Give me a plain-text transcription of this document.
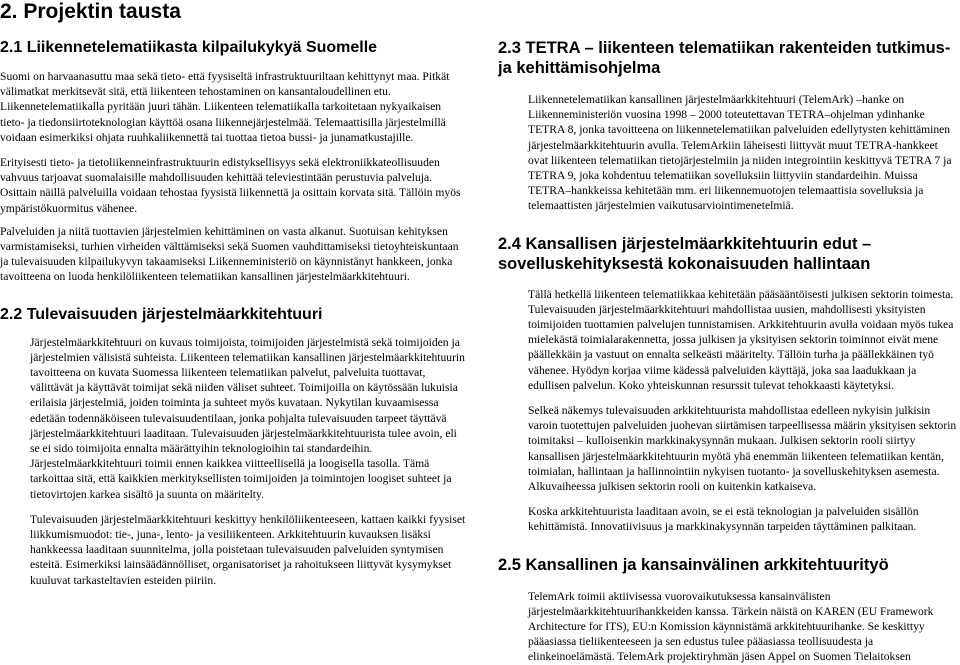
2. Projektin tausta
2.1 Liikennetelematiikasta kilpailukykyä Suomelle

Suomi on harvaanasuttu maa sekä tieto- että fyysiseltä infrastruktuuriltaan kehittynyt maa. Pitkät välimatkat merkitsevät sitä, että liikenteen tehostaminen on kansantaloudellinen etu. Liikennetelematiikalla pyritään juuri tähän. Liikenteen telematiikalla tarkoitetaan nykyaikaisen tieto- ja tiedonsiirtoteknologian käyttöä osana liikennejärjestelmää. Telemaattisilla järjestelmillä voidaan esimerkiksi ohjata ruuhkaliikennettä tai tuottaa tietoa bussi- ja junamatkustajille.

Erityisesti tieto- ja tietoliikenneinfrastruktuurin edistyksellisyys sekä elektroniikkateollisuuden vahvuus tarjoavat suomalaisille mahdollisuuden kehittää televiestintään perustuvia palveluja. Osittain näillä palveluilla voidaan tehostaa fyysistä liikennettä ja osittain korvata sitä. Tällöin myös ympäristökuormitus vähenee.

Palveluiden ja niitä tuottavien järjestelmien kehittäminen on vasta alkanut. Suotuisan kehityksen varmistamiseksi, turhien virheiden välttämiseksi sekä Suomen vauhdittamiseksi tietoyhteiskuntaan ja tulevaisuuden kilpailukyvyn takaamiseksi Liikenneministeriö on käynnistänyt hankkeen, jonka tavoitteena on luoda henkilöliikenteen telematiikan kansallinen järjestelmäarkkitehtuuri.

2.2 Tulevaisuuden järjestelmäarkkitehtuuri

Järjestelmäarkkitehtuuri on kuvaus toimijoista, toimijoiden järjestelmistä sekä toimijoiden ja järjestelmien välisistä suhteista. Liikenteen telematiikan kansallinen järjestelmäarkkitehtuurin tavoitteena on kuvata Suomessa liikenteen telematiikan palvelut, palveluita tuottavat, välittävät ja käyttävät toimijat sekä niiden väliset suhteet. Toimijoilla on käytössään lukuisia erilaisia järjestelmiä, joiden toiminta ja suhteet myös kuvataan. Nykytilan kuvaamisessa edetään todennäköiseen tulevaisuudentilaan, jonka pohjalta tulevaisuuden tarpeet täyttävä järjestelmäarkkitehtuuri laaditaan. Tulevaisuuden järjestelmäarkkitehtuurista tulee avoin, eli se ei sido toimijoita ennalta määrättyihin teknologioihin tai standardeihin. Järjestelmäarkkitehtuuri toimii ennen kaikkea viitteellisellä ja loogisella tasolla. Tämä tarkoittaa sitä, että kaikkien merkityksellisten toimijoiden ja toimintojen loogiset suhteet ja tietovirtojen karkea sisältö ja suunta on määritelty.

Tulevaisuuden järjestelmäarkkitehtuuri keskittyy henkilöliikenteeseen, kattaen kaikki fyysiset liikkumismuodot: tie-, juna-, lento- ja vesiliikenteen. Arkkitehtuurin kuvauksen lisäksi hankkeessa laaditaan suunnitelma, jolla poistetaan tulevaisuuden palveluiden syntymisen esteitä. Esimerkiksi lainsäädännölliset, organisatoriset ja rahoitukseen liittyvät kysymykset kuuluvat tarkasteltavien esteiden piiriin.

2.3 TETRA – liikenteen telematiikan rakenteiden tutkimus- ja kehittämisohjelma

Liikennetelematiikan kansallinen järjestelmäarkkitehtuuri (TelemArk) –hanke on Liikenneministeriön vuosina 1998 – 2000 toteutettavan TETRA–ohjelman ydinhanke TETRA 8, jonka tavoitteena on liikennetelematiikan palveluiden edellytysten kehittäminen järjestelmäarkkitehtuurin avulla. TelemArkiin läheisesti liittyvät muut TETRA-hankkeet ovat liikenteen telematiikan tietojärjestelmiin ja niiden integrointiin keskittyvä TETRA 7 ja TETRA 9, joka kohdentuu telematiikan sovelluksiin liittyviin standardeihin. Muissa TETRA–hankkeissa kehitetään mm. eri liikennemuotojen telemaattisia sovelluksia ja telemaattisten järjestelmien vaikutusarviointimenetelmiä.

2.4 Kansallisen järjestelmäarkkitehtuurin edut – sovelluskehityksestä kokonaisuuden hallintaan

Tällä hetkellä liikenteen telematiikkaa kehitetään pääsääntöisesti julkisen sektorin toimesta. Tulevaisuuden järjestelmäarkkitehtuuri mahdollistaa uusien, mahdollisesti yksityisten toimijoiden tuottamien palvelujen tunnistamisen. Arkkitehtuurin avulla voidaan myös tukea mielekästä toimialarakennetta, jossa julkisen ja yksityisen sektorin toiminnot eivät mene päällekkäin ja vastuut on ennalta selkeästi määritelty. Tällöin turha ja päällekkäinen työ vähenee. Hyödyn korjaa viime kädessä palveluiden käyttäjä, joka saa laadukkaan ja edullisen palvelun. Koko yhteiskunnan resurssit tulevat tehokkaasti käytetyksi.

Selkeä näkemys tulevaisuuden arkkitehtuurista mahdollistaa edelleen nykyisin julkisin varoin tuotettujen palveluiden juohevan siirtämisen tarpeellisessa määrin yksityisen sektorin toimitaksi – kulloisenkin markkinakysynnän mukaan. Julkisen sektorin rooli siirtyy kansallisen järjestelmäarkkitehtuurin myötä yhä enemmän liikenteen telematiikan kentän, toimialan, hallintaan ja hallinnointiin nykyisen tuotanto- ja sovelluskehityksen asemesta. Alkuvaiheessa julkisen sektorin rooli on kuitenkin katkaiseva.

Koska arkkitehtuurista laaditaan avoin, se ei estä teknologian ja palveluiden sisällön kehittämistä. Innovatiivisuus ja markkinakysynnän tarpeiden täyttäminen palkitaan.

2.5 Kansallinen ja kansainvälinen arkkitehtuurityö

TelemArk toimii aktiivisessa vuorovaikutuksessa kansainvälisten järjestelmäarkkitehtuurihankkeiden kanssa. Tärkein näistä on KAREN (EU Framework Architecture for ITS), EU:n Komission käynnistämä arkkitehtuurihanke. Se keskittyy pääasiassa tieliikenteeseen ja sen edustus tulee pääasiassa teollisuudesta ja elinkeinoelämästä. TelemArk projektiryhmän jäsen Appel on Suomen Tielaitoksen
